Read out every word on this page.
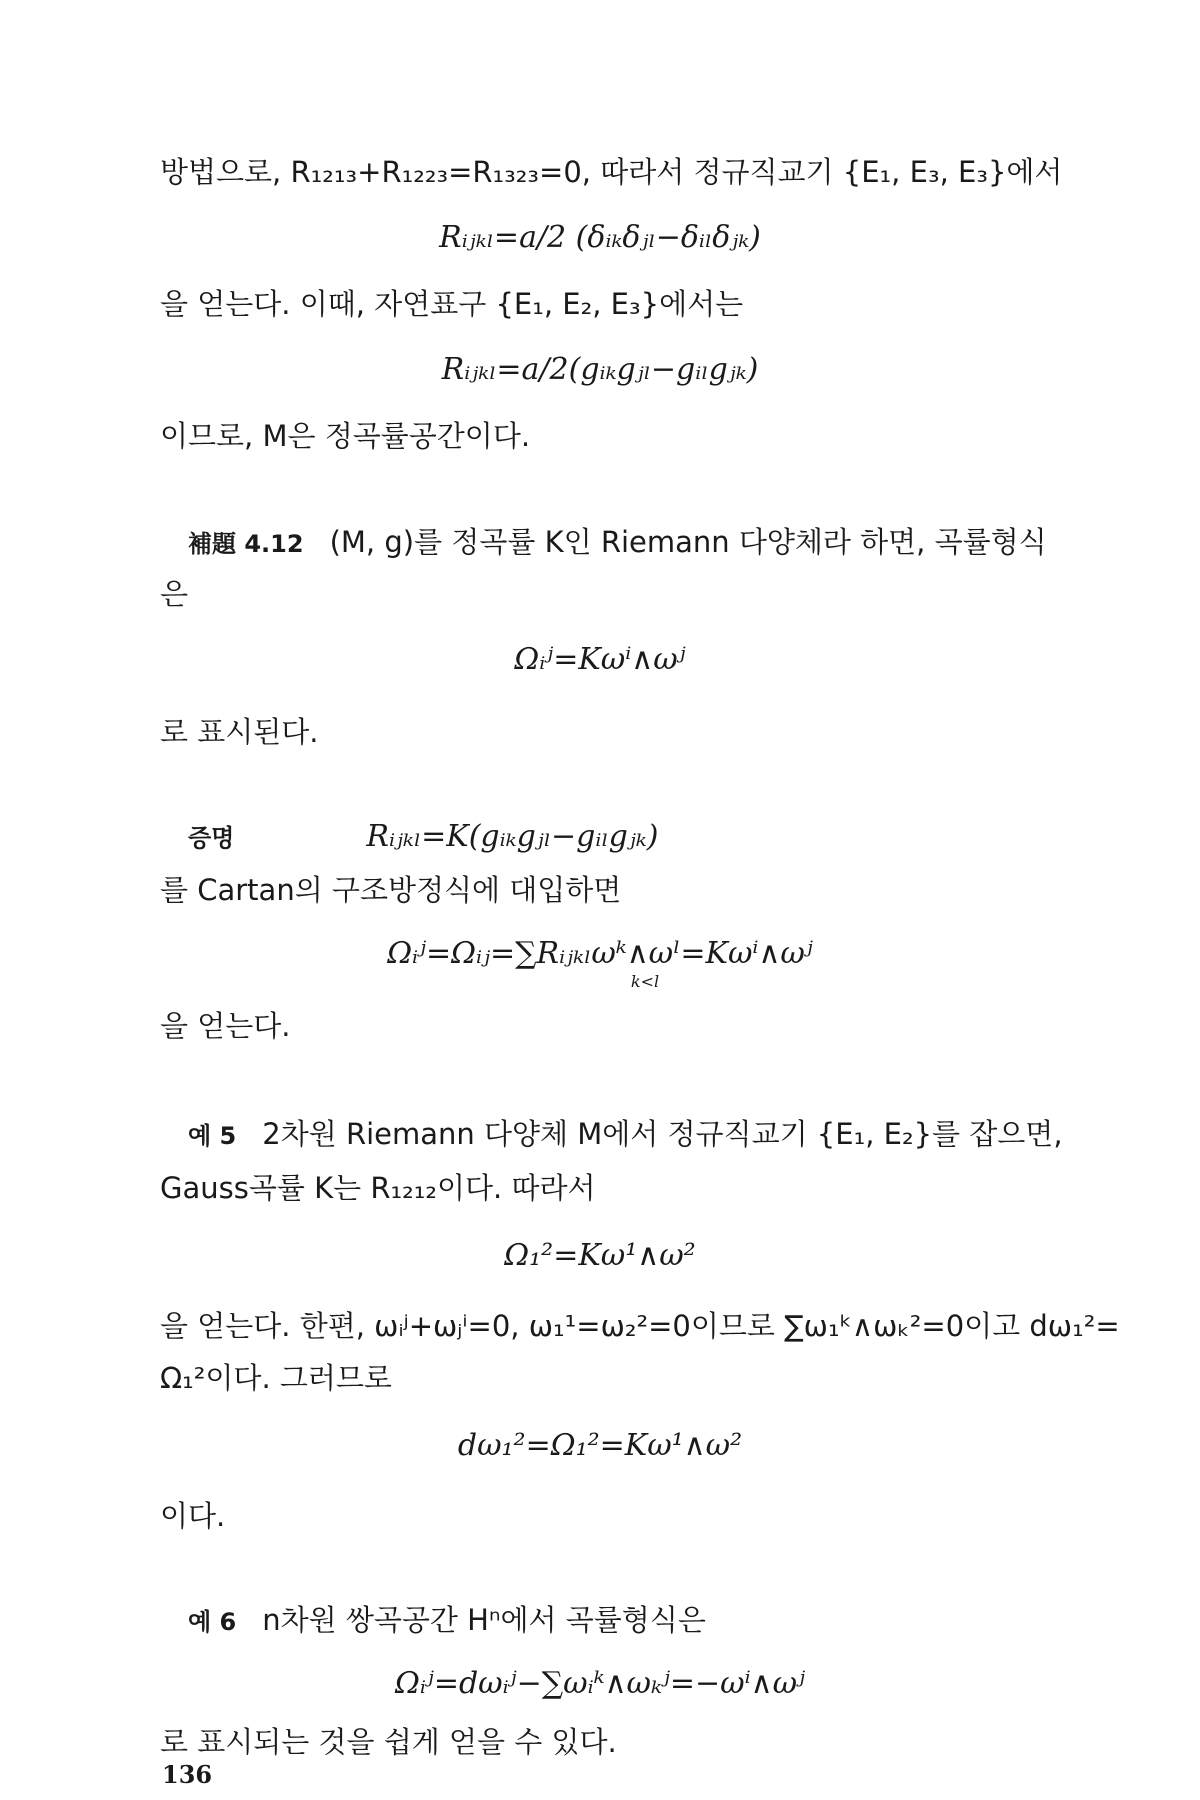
방법으로, R₁₂₁₃+R₁₂₂₃=R₁₃₂₃=0, 따라서 정규직교기 {E₁, E₃, E₃}에서
Rᵢⱼₖₗ=a/2 (δᵢₖδⱼₗ−δᵢₗδⱼₖ)
을 얻는다. 이때, 자연표구 {E₁, E₂, E₃}에서는
Rᵢⱼₖₗ=a/2(gᵢₖgⱼₗ−gᵢₗgⱼₖ)
이므로, M은 정곡률공간이다.
補題 4.12 (M, g)를 정곡률 K인 Riemann 다양체라 하면, 곡률형식
은
Ωᵢʲ=Kωⁱ∧ωʲ
로 표시된다.
증명	Rᵢⱼₖₗ=K(gᵢₖgⱼₗ−gᵢₗgⱼₖ)
를 Cartan의 구조방정식에 대입하면
Ωᵢʲ=Ωᵢⱼ=∑Rᵢⱼₖₗωᵏ∧ωˡ=Kωⁱ∧ωʲ
k<l
을 얻는다.
예 5 2차원 Riemann 다양체 M에서 정규직교기 {E₁, E₂}를 잡으면,
Gauss곡률 K는 R₁₂₁₂이다. 따라서
Ω₁²=Kω¹∧ω²
을 얻는다. 한편, ωᵢʲ+ωⱼⁱ=0, ω₁¹=ω₂²=0이므로 ∑ω₁ᵏ∧ωₖ²=0이고 dω₁²=
Ω₁²이다. 그러므로
dω₁²=Ω₁²=Kω¹∧ω²
이다.
예 6 n차원 쌍곡공간 Hⁿ에서 곡률형식은
Ωᵢʲ=dωᵢʲ−∑ωᵢᵏ∧ωₖʲ=−ωⁱ∧ωʲ
로 표시되는 것을 쉽게 얻을 수 있다.
136
